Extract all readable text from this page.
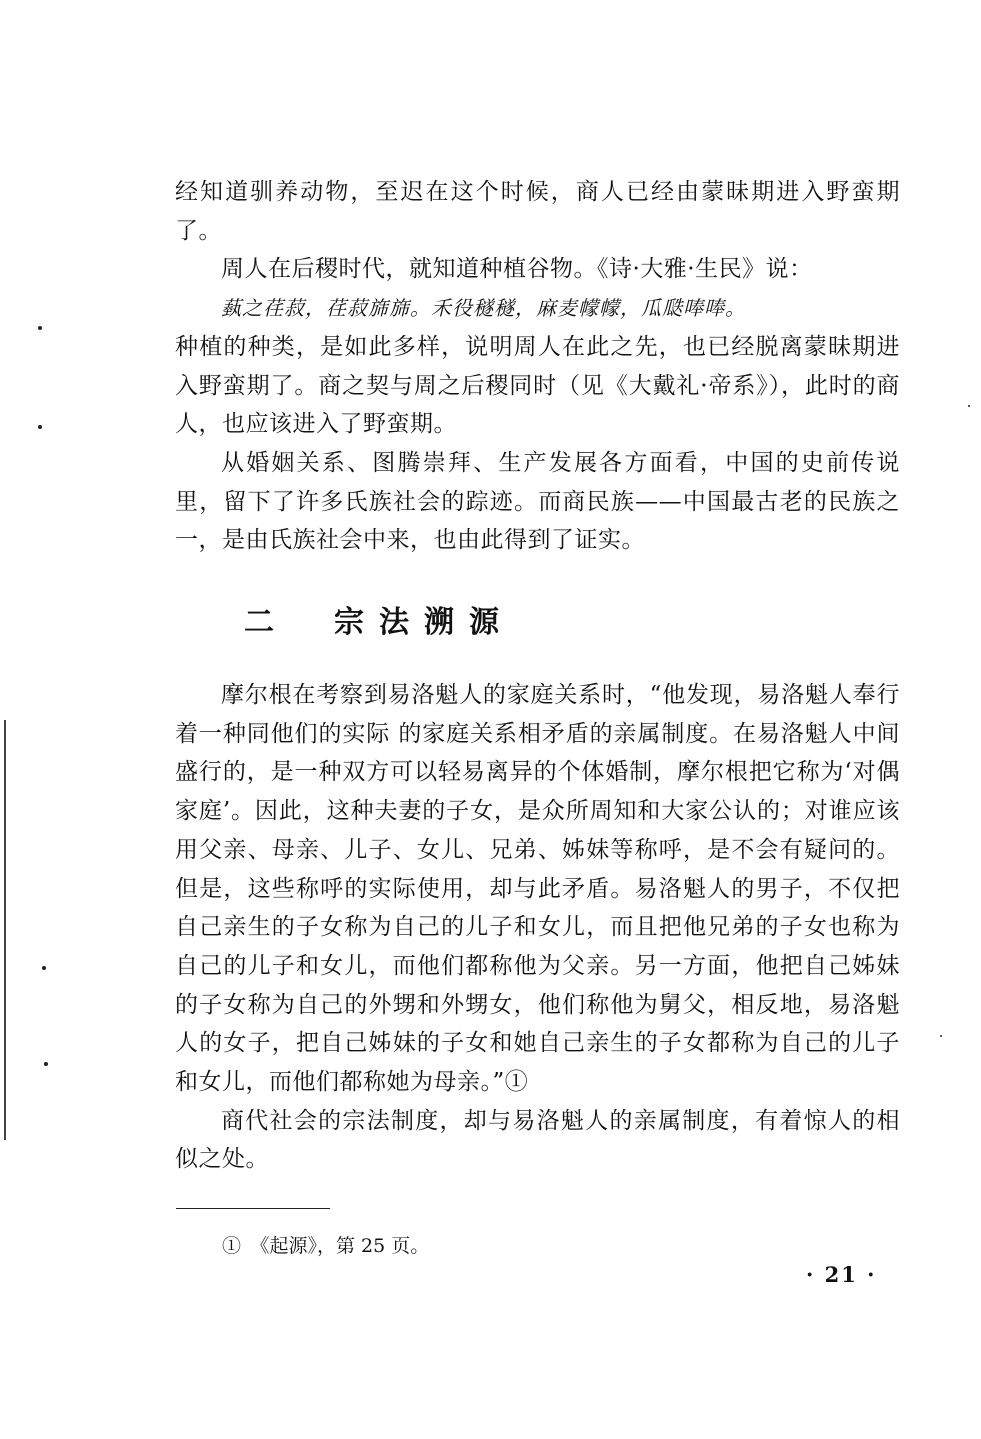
经知道驯养动物，至迟在这个时候，商人已经由蒙昧期进入野蛮期了。

周人在后稷时代，就知道种植谷物。《诗·大雅·生民》说：

蓺之荏菽，荏菽旆旆。禾役穟穟，麻麦幪幪，瓜瓞唪唪。

种植的种类，是如此多样，说明周人在此之先，也已经脱离蒙昧期进入野蛮期了。商之契与周之后稷同时（见《大戴礼·帝系》），此时的商人，也应该进入了野蛮期。

从婚姻关系、图腾崇拜、生产发展各方面看，中国的史前传说里，留下了许多氏族社会的踪迹。而商民族——中国最古老的民族之一，是由氏族社会中来，也由此得到了证实。

二　宗法溯源

摩尔根在考察到易洛魁人的家庭关系时，“他发现，易洛魁人奉行着一种同他们的实际 的家庭关系相矛盾的亲属制度。在易洛魁人中间盛行的，是一种双方可以轻易离异的个体婚制，摩尔根把它称为‘对偶家庭’。因此，这种夫妻的子女，是众所周知和大家公认的；对谁应该用父亲、母亲、儿子、女儿、兄弟、姊妹等称呼，是不会有疑问的。但是，这些称呼的实际使用，却与此矛盾。易洛魁人的男子，不仅把自己亲生的子女称为自己的儿子和女儿，而且把他兄弟的子女也称为自己的儿子和女儿，而他们都称他为父亲。另一方面，他把自己姊妹的子女称为自己的外甥和外甥女，他们称他为舅父，相反地，易洛魁人的女子，把自己姊妹的子女和她自己亲生的子女都称为自己的儿子和女儿，而他们都称她为母亲。”①

商代社会的宗法制度，却与易洛魁人的亲属制度，有着惊人的相似之处。

①　《起源》，第 25 页。
· 21 ·
